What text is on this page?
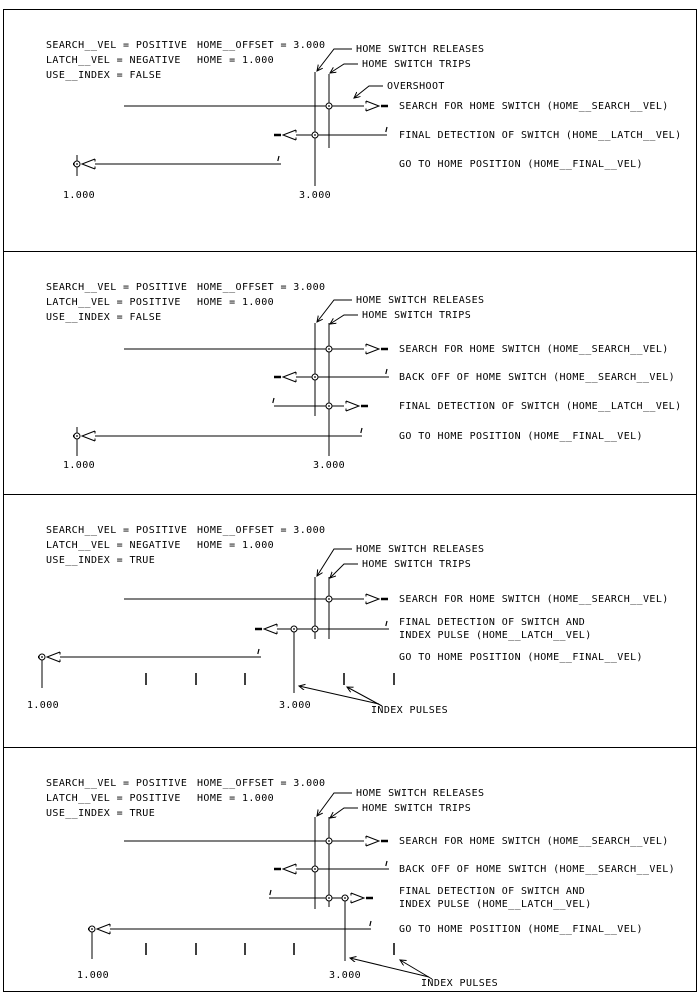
SEARCH__VEL = POSITIVE
LATCH__VEL = NEGATIVE
USE__INDEX = FALSE
HOME__OFFSET = 3.000
HOME = 1.000
HOME SWITCH RELEASES
HOME SWITCH TRIPS
OVERSHOOT
SEARCH FOR HOME SWITCH (HOME__SEARCH__VEL)
FINAL DETECTION OF SWITCH (HOME__LATCH__VEL)
GO TO HOME POSITION (HOME__FINAL__VEL)
1.000	3.000
SEARCH__VEL = POSITIVE
LATCH__VEL = POSITIVE
USE__INDEX = FALSE
HOME__OFFSET = 3.000
HOME = 1.000	HOME SWITCH RELEASES
HOME SWITCH TRIPS
SEARCH FOR HOME SWITCH (HOME__SEARCH__VEL)
BACK OFF OF HOME SWITCH (HOME__SEARCH__VEL)
FINAL DETECTION OF SWITCH (HOME__LATCH__VEL)
GO TO HOME POSITION (HOME__FINAL__VEL)
1.000	3.000
SEARCH__VEL = POSITIVE
LATCH__VEL = NEGATIVE
USE__INDEX = TRUE
HOME__OFFSET = 3.000
HOME = 1.000	HOME SWITCH RELEASES
HOME SWITCH TRIPS
SEARCH FOR HOME SWITCH (HOME__SEARCH__VEL)
FINAL DETECTION OF SWITCH AND
INDEX PULSE (HOME__LATCH__VEL)
GO TO HOME POSITION (HOME__FINAL__VEL)
1.000	3.000	INDEX PULSES
SEARCH__VEL = POSITIVE
LATCH__VEL = POSITIVE
USE__INDEX = TRUE
HOME__OFFSET = 3.000
HOME = 1.000	HOME SWITCH RELEASES
HOME SWITCH TRIPS
SEARCH FOR HOME SWITCH (HOME__SEARCH__VEL)
BACK OFF OF HOME SWITCH (HOME__SEARCH__VEL)
FINAL DETECTION OF SWITCH AND
INDEX PULSE (HOME__LATCH__VEL)
GO TO HOME POSITION (HOME__FINAL__VEL)
1.000	3.000
INDEX PULSES
